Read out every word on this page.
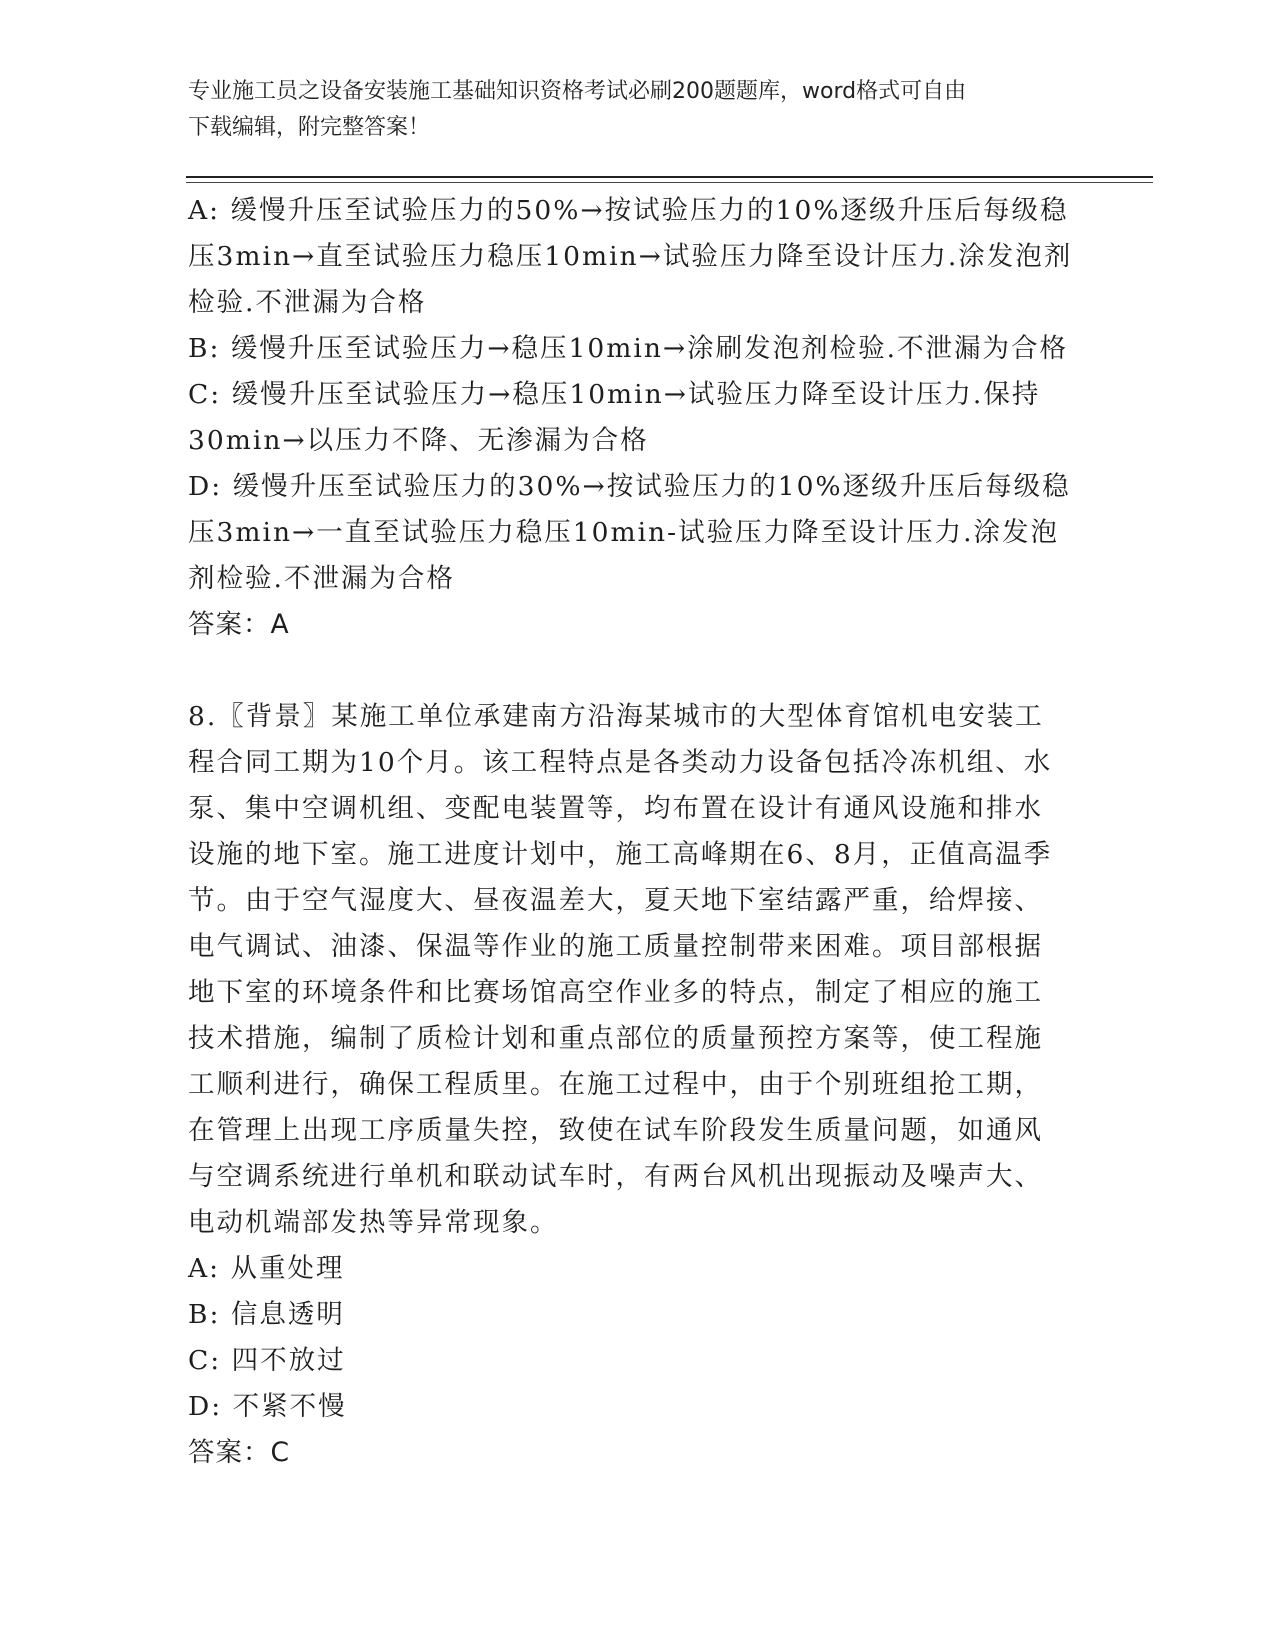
专业施工员之设备安装施工基础知识资格考试必刷200题题库，word格式可自由
下载编辑，附完整答案！
A: 缓慢升压至试验压力的50%→按试验压力的10%逐级升压后每级稳
压3min→直至试验压力稳压10min→试验压力降至设计压力.涂发泡剂
检验.不泄漏为合格
B: 缓慢升压至试验压力→稳压10min→涂刷发泡剂检验.不泄漏为合格
C: 缓慢升压至试验压力→稳压10min→试验压力降至设计压力.保持
30min→以压力不降、无渗漏为合格
D: 缓慢升压至试验压力的30%→按试验压力的10%逐级升压后每级稳
压3min→一直至试验压力稳压10min-试验压力降至设计压力.涂发泡
剂检验.不泄漏为合格
答案：A
8.〖背景〗某施工单位承建南方沿海某城市的大型体育馆机电安装工
程合同工期为10个月。该工程特点是各类动力设备包括冷冻机组、水
泵、集中空调机组、变配电装置等，均布置在设计有通风设施和排水
设施的地下室。施工进度计划中，施工高峰期在6、8月，正值高温季
节。由于空气湿度大、昼夜温差大，夏天地下室结露严重，给焊接、
电气调试、油漆、保温等作业的施工质量控制带来困难。项目部根据
地下室的环境条件和比赛场馆高空作业多的特点，制定了相应的施工
技术措施，编制了质检计划和重点部位的质量预控方案等，使工程施
工顺利进行，确保工程质里。在施工过程中，由于个别班组抢工期，
在管理上出现工序质量失控，致使在试车阶段发生质量问题，如通风
与空调系统进行单机和联动试车时，有两台风机出现振动及噪声大、
电动机端部发热等异常现象。
A: 从重处理
B: 信息透明
C: 四不放过
D: 不紧不慢
答案：C
